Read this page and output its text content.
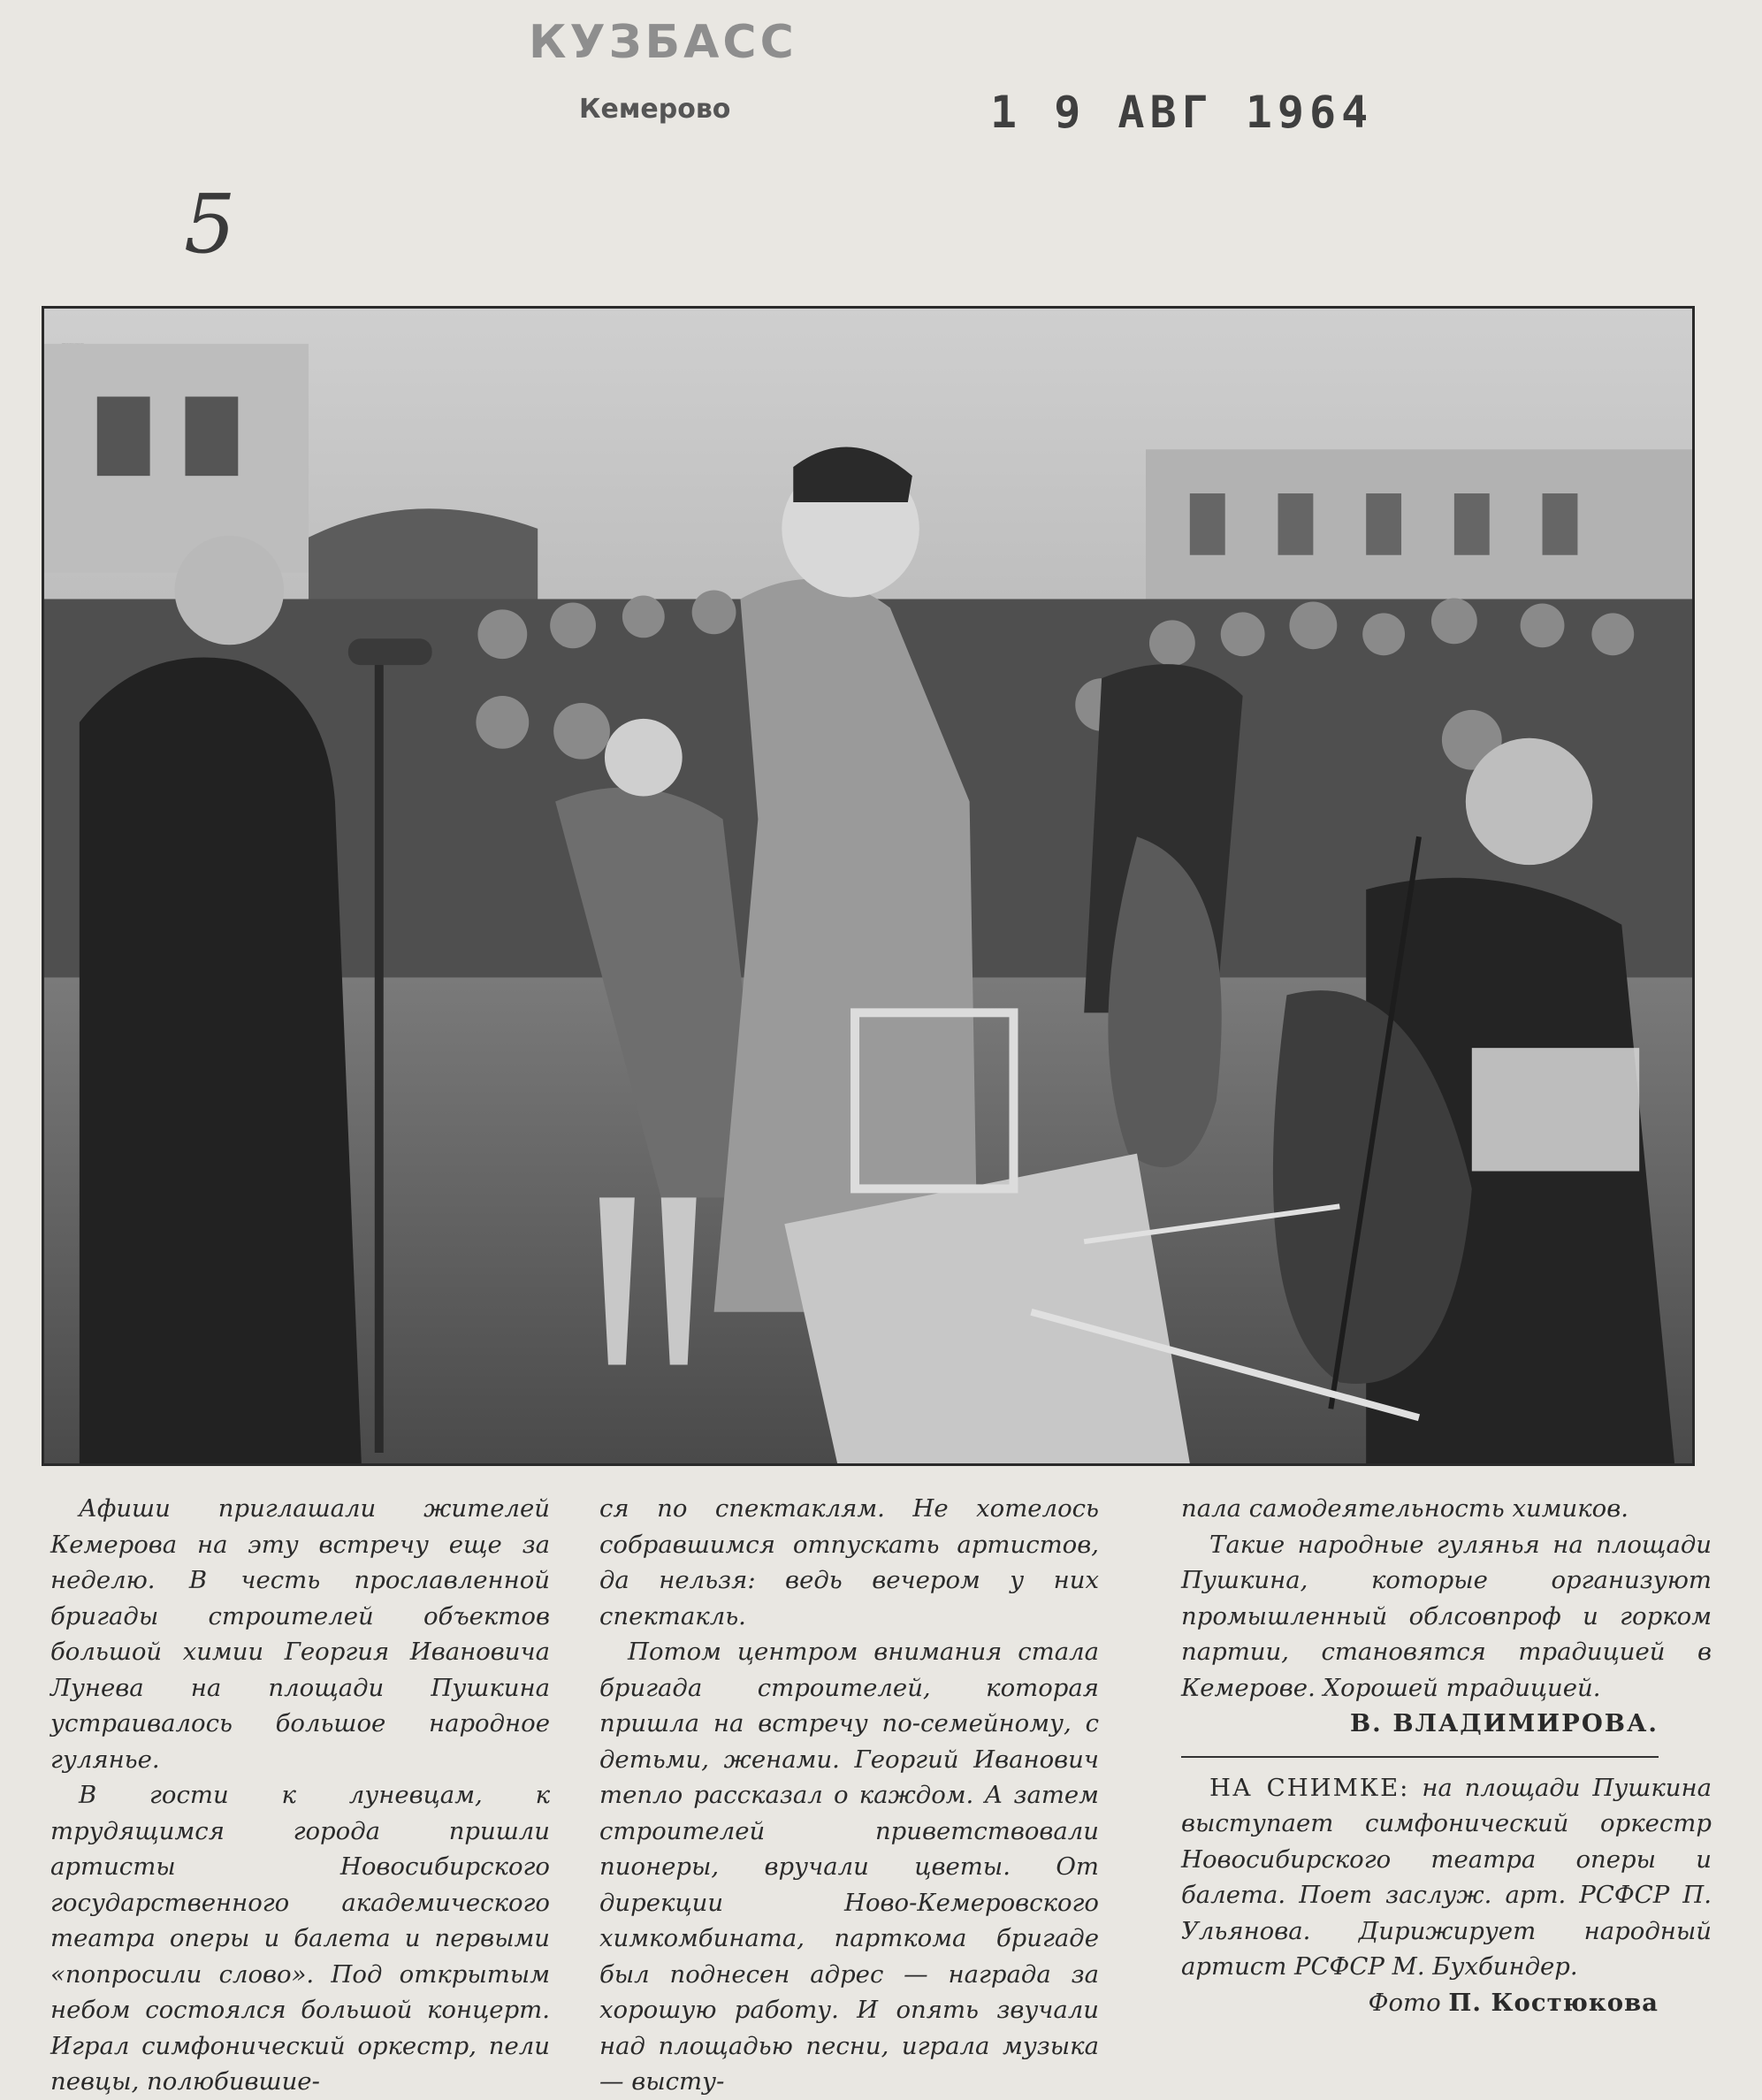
КУЗБАСС
Кемерово	1 9 АВГ 1964
5
Симфонический оркестр на площади Пушкина

Афиши приглашали жителей Кемерова на эту встречу еще за неделю. В честь прославленной бригады строителей объектов большой химии Георгия Ивановича Лунева на площади Пушкина устраивалось большое народное гулянье.

В гости к луневцам, к трудящимся города пришли артисты Новосибирского государственного академического театра оперы и балета и первыми «попросили слово». Под открытым небом состоялся большой концерт. Играл симфонический оркестр, пели певцы, полюбившие-

ся по спектаклям. Не хотелось собравшимся отпускать артистов, да нельзя: ведь вечером у них спектакль.

Потом центром внимания стала бригада строителей, которая пришла на встречу по-семейному, с детьми, женами. Георгий Иванович тепло рассказал о каждом. А затем строителей приветствовали пионеры, вручали цветы. От дирекции Ново-Кемеровского химкомбината, парткома бригаде был поднесен адрес — награда за хорошую работу. И опять звучали над площадью песни, играла музыка — высту-

пала самодеятельность химиков.

Такие народные гулянья на площади Пушкина, которые организуют промышленный облсовпроф и горком партии, становятся традицией в Кемерове. Хорошей традицией.

В. ВЛАДИМИРОВА.

НА СНИМКЕ: на площади Пушкина выступает симфонический оркестр Новосибирского театра оперы и балета. Поет заслуж. арт. РСФСР П. Ульянова. Дирижирует народный артист РСФСР М. Бухбиндер.

Фото П. Костюкова
